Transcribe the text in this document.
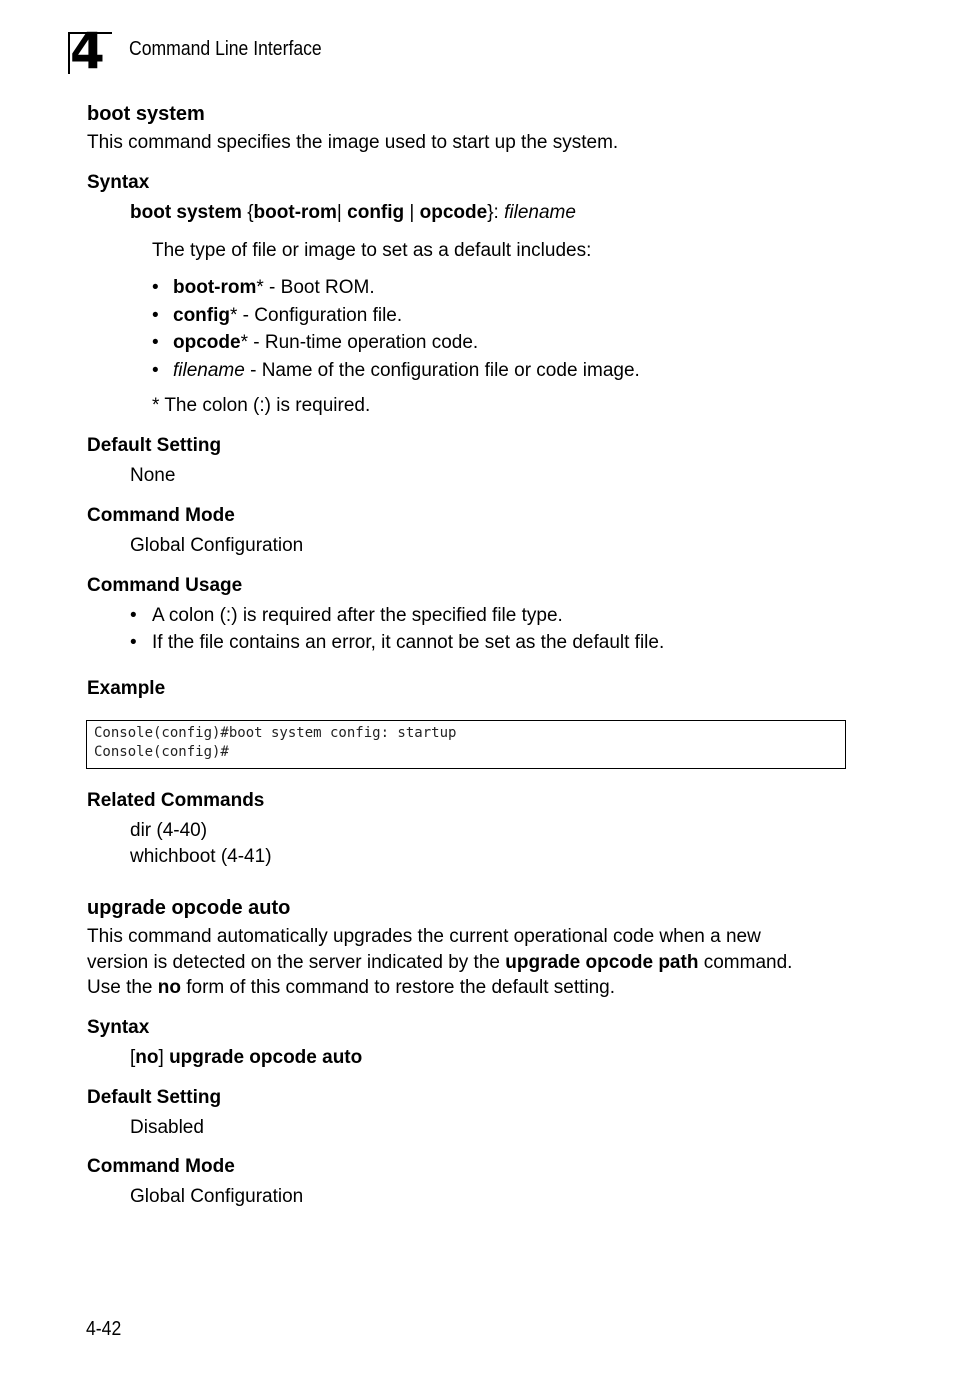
4 Command Line Interface
boot system
This command specifies the image used to start up the system.
Syntax
boot system {boot-rom| config | opcode}: filename
The type of file or image to set as a default includes:
• boot-rom* - Boot ROM.
• config* - Configuration file.
• opcode* - Run-time operation code.
• filename - Name of the configuration file or code image.
* The colon (:) is required.
Default Setting
None
Command Mode
Global Configuration
Command Usage
• A colon (:) is required after the specified file type.
• If the file contains an error, it cannot be set as the default file.
Example
Console(config)#boot system config: startup
Console(config)#
Related Commands
dir (4-40)
whichboot (4-41)
upgrade opcode auto
This command automatically upgrades the current operational code when a new
version is detected on the server indicated by the upgrade opcode path command.
Use the no form of this command to restore the default setting.
Syntax
[no] upgrade opcode auto
Default Setting
Disabled
Command Mode
Global Configuration
4-42
